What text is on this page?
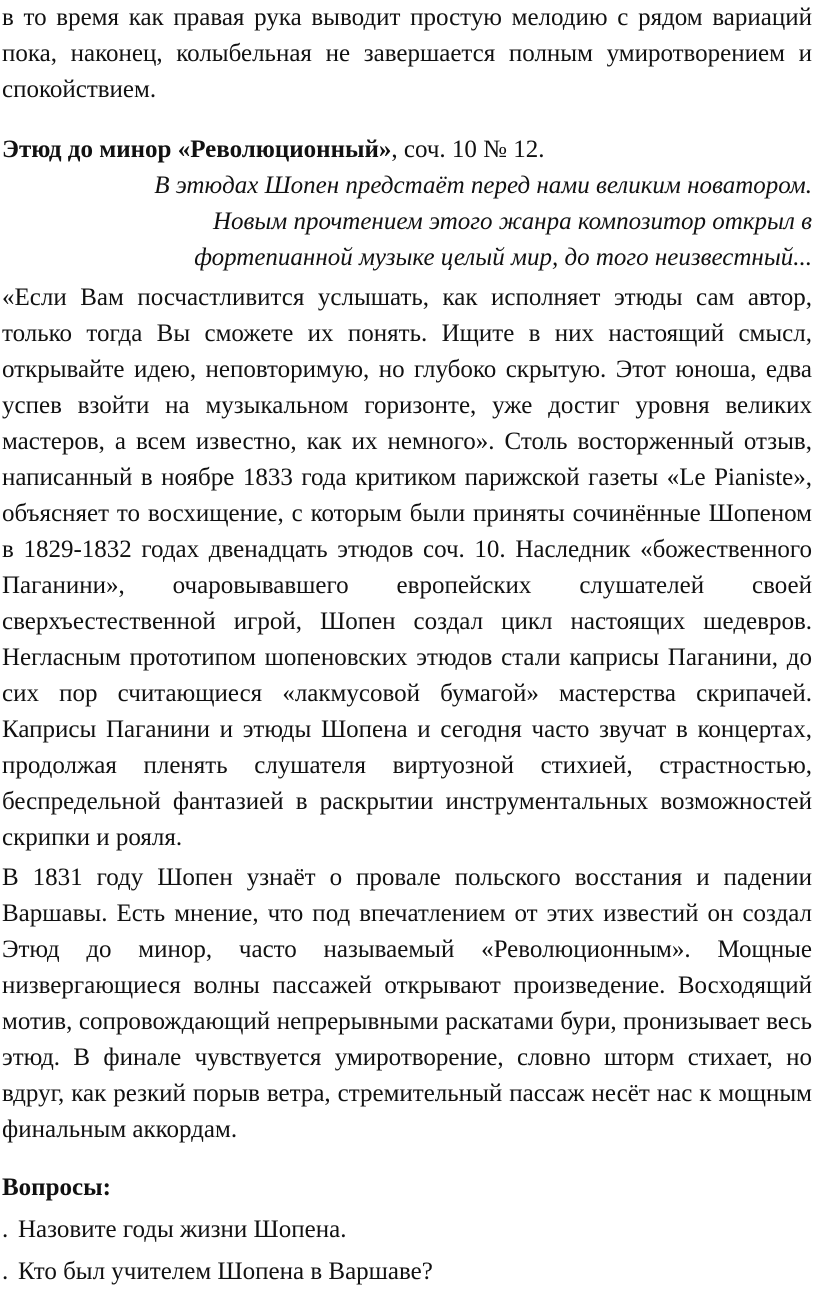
в то время как правая рука выводит простую мелодию с рядом вариаций пока, наконец, колыбельная не завершается полным умиротворением и спокойствием.

Этюд до минор «Революционный», соч. 10 № 12.
В этюдах Шопен предстаёт перед нами великим новатором.
Новым прочтением этого жанра композитор открыл в
фортепианной музыке целый мир, до того неизвестный...

«Если Вам посчастливится услышать, как исполняет этюды сам автор, только тогда Вы сможете их понять. Ищите в них настоящий смысл, открывайте идею, неповторимую, но глубоко скрытую. Этот юноша, едва успев взойти на музыкальном горизонте, уже достиг уровня великих мастеров, а всем известно, как их немного». Столь восторженный отзыв, написанный в ноябре 1833 года критиком парижской газеты «Le Pianiste», объясняет то восхищение, с которым были приняты сочинённые Шопеном в 1829-1832 годах двенадцать этюдов соч. 10. Наследник «божественного Паганини», очаровывавшего европейских слушателей своей сверхъестественной игрой, Шопен создал цикл настоящих шедевров. Негласным прототипом шопеновских этюдов стали каприсы Паганини, до сих пор считающиеся «лакмусовой бумагой» мастерства скрипачей. Каприсы Паганини и этюды Шопена и сегодня часто звучат в концертах, продолжая пленять слушателя виртуозной стихией, страстностью, беспредельной фантазией в раскрытии инструментальных возможностей скрипки и рояля.

В 1831 году Шопен узнаёт о провале польского восстания и падении Варшавы. Есть мнение, что под впечатлением от этих известий он создал Этюд до минор, часто называемый «Революционным». Мощные низвергающиеся волны пассажей открывают произведение. Восходящий мотив, сопровождающий непрерывными раскатами бури, пронизывает весь этюд. В финале чувствуется умиротворение, словно шторм стихает, но вдруг, как резкий порыв ветра, стремительный пассаж несёт нас к мощным финальным аккордам.

Вопросы:
. Назовите годы жизни Шопена.
. Кто был учителем Шопена в Варшаве?
